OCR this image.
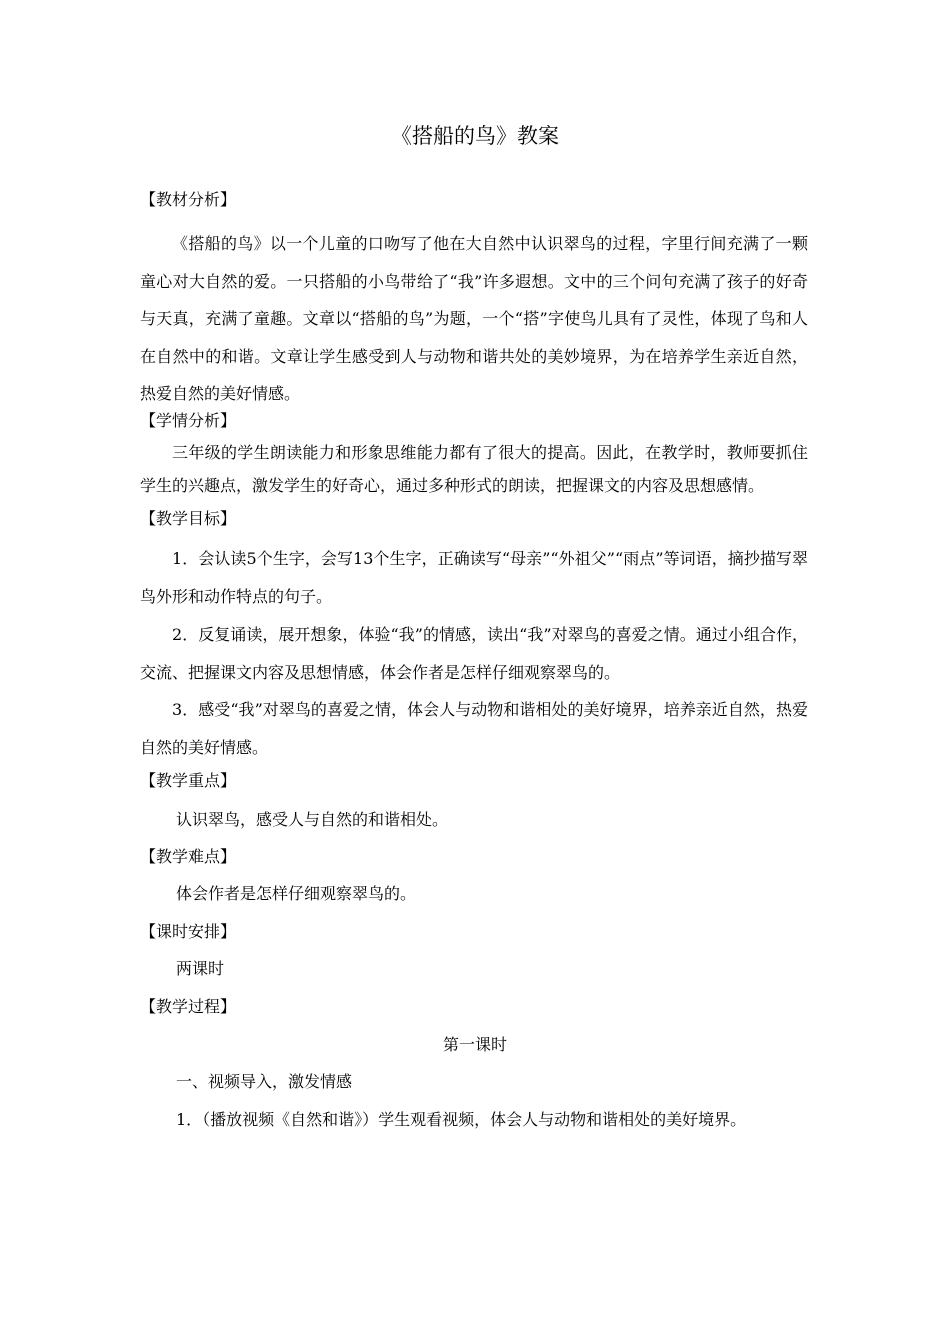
《搭船的鸟》教案
【教材分析】
《搭船的鸟》以一个儿童的口吻写了他在大自然中认识翠鸟的过程，字里行间充满了一颗童心对大自然的爱。一只搭船的小鸟带给了“我”许多遐想。文中的三个问句充满了孩子的好奇与天真，充满了童趣。文章以“搭船的鸟”为题，一个“搭”字使鸟儿具有了灵性，体现了鸟和人在自然中的和谐。文章让学生感受到人与动物和谐共处的美妙境界，为在培养学生亲近自然，热爱自然的美好情感。
【学情分析】
三年级的学生朗读能力和形象思维能力都有了很大的提高。因此，在教学时，教师要抓住学生的兴趣点，激发学生的好奇心，通过多种形式的朗读，把握课文的内容及思想感情。
【教学目标】
1．会认读5个生字，会写13个生字，正确读写“母亲”“外祖父”“雨点”等词语，摘抄描写翠鸟外形和动作特点的句子。
2．反复诵读，展开想象，体验“我”的情感，读出“我”对翠鸟的喜爱之情。通过小组合作，交流、把握课文内容及思想情感，体会作者是怎样仔细观察翠鸟的。
3．感受“我”对翠鸟的喜爱之情，体会人与动物和谐相处的美好境界，培养亲近自然，热爱自然的美好情感。
【教学重点】
认识翠鸟，感受人与自然的和谐相处。
【教学难点】
体会作者是怎样仔细观察翠鸟的。
【课时安排】
两课时
【教学过程】
第一课时
一、视频导入，激发情感
1．（播放视频《自然和谐》）学生观看视频，体会人与动物和谐相处的美好境界。
